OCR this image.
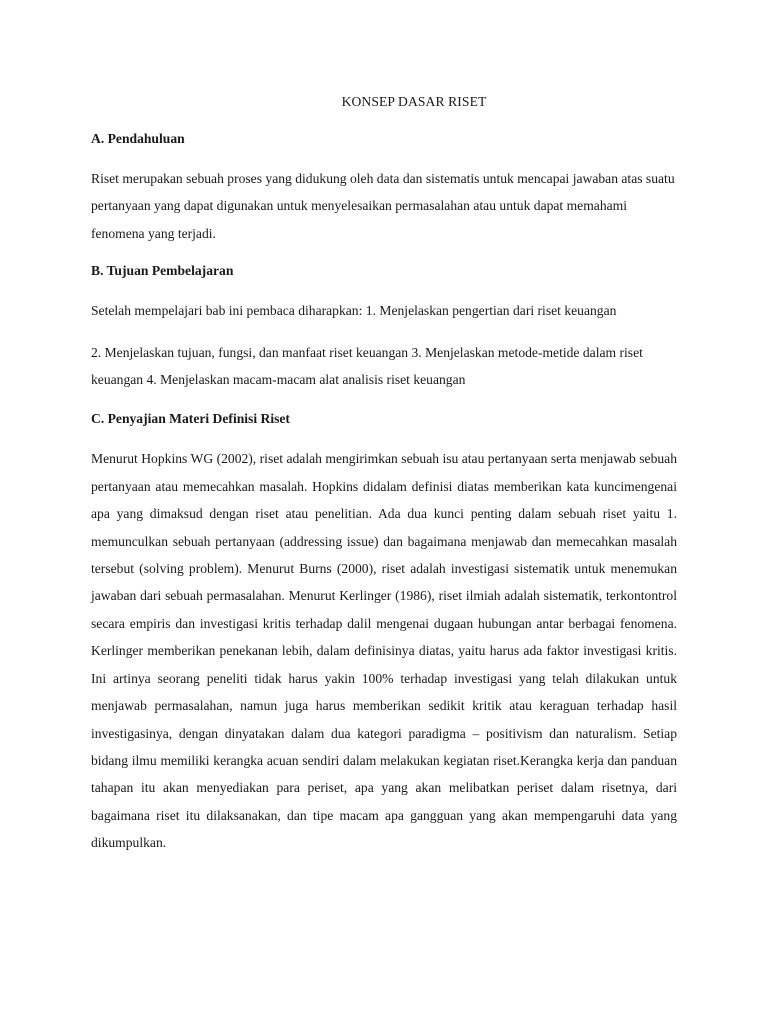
KONSEP DASAR RISET
A. Pendahuluan

Riset merupakan sebuah proses yang didukung oleh data dan sistematis untuk mencapai jawaban atas suatu pertanyaan yang dapat digunakan untuk menyelesaikan permasalahan atau untuk dapat memahami fenomena yang terjadi.

B. Tujuan Pembelajaran

Setelah mempelajari bab ini pembaca diharapkan: 1. Menjelaskan pengertian dari riset keuangan

2. Menjelaskan tujuan, fungsi, dan manfaat riset keuangan 3. Menjelaskan metode-metide dalam riset keuangan 4. Menjelaskan macam-macam alat analisis riset keuangan

C. Penyajian Materi Definisi Riset

Menurut Hopkins WG (2002), riset adalah mengirimkan sebuah isu atau pertanyaan serta menjawab sebuah pertanyaan atau memecahkan masalah. Hopkins didalam definisi diatas memberikan kata kuncimengenai apa yang dimaksud dengan riset atau penelitian. Ada dua kunci penting dalam sebuah riset yaitu 1. memunculkan sebuah pertanyaan (addressing issue) dan bagaimana menjawab dan memecahkan masalah tersebut (solving problem). Menurut Burns (2000), riset adalah investigasi sistematik untuk menemukan jawaban dari sebuah permasalahan. Menurut Kerlinger (1986), riset ilmiah adalah sistematik, terkontontrol secara empiris dan investigasi kritis terhadap dalil mengenai dugaan hubungan antar berbagai fenomena. Kerlinger memberikan penekanan lebih, dalam definisinya diatas, yaitu harus ada faktor investigasi kritis. Ini artinya seorang peneliti tidak harus yakin 100% terhadap investigasi yang telah dilakukan untuk menjawab permasalahan, namun juga harus memberikan sedikit kritik atau keraguan terhadap hasil investigasinya, dengan dinyatakan dalam dua kategori paradigma – positivism dan naturalism. Setiap bidang ilmu memiliki kerangka acuan sendiri dalam melakukan kegiatan riset.Kerangka kerja dan panduan tahapan itu akan menyediakan para periset, apa yang akan melibatkan periset dalam risetnya, dari bagaimana riset itu dilaksanakan, dan tipe macam apa gangguan yang akan mempengaruhi data yang dikumpulkan.
